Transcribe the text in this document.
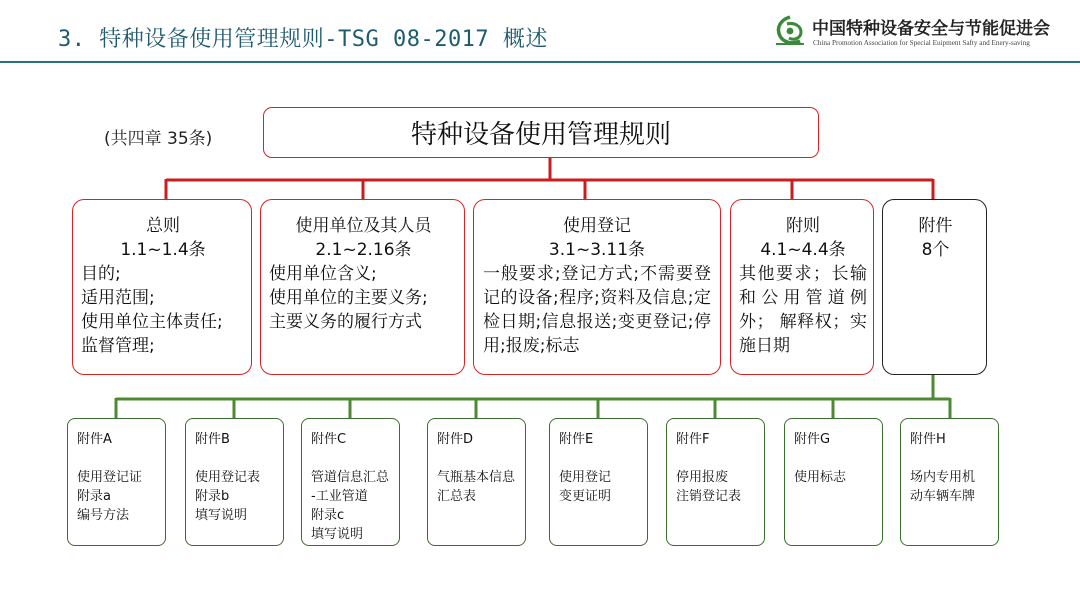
3. 特种设备使用管理规则-TSG 08-2017 概述	中国特种设备安全与节能促进会
China Promotion Association for Special Euipment Safty and Enery-saving
(共四章 35条)	特种设备使用管理规则
总则
1.1~1.4条
目的;
适用范围;
使用单位主体责任;
监督管理;
使用单位及其人员
2.1~2.16条
使用单位含义;
使用单位的主要义务;
主要义务的履行方式
使用登记
3.1~3.11条
一般要求;登记方式;不需要登记的设备;程序;资料及信息;定检日期;信息报送;变更登记;停用;报废;标志
附则
4.1~4.4条
其他要求；长输和公用管道例外； 解释权；实施日期
附件
8个
附件A
使用登记证
附录a
编号方法
附件B
使用登记表
附录b
填写说明
附件C
管道信息汇总
-工业管道
附录c
填写说明
附件D
气瓶基本信息
汇总表
附件E
使用登记
变更证明
附件F
停用报废
注销登记表
附件G
使用标志
附件H
场内专用机
动车辆车牌
